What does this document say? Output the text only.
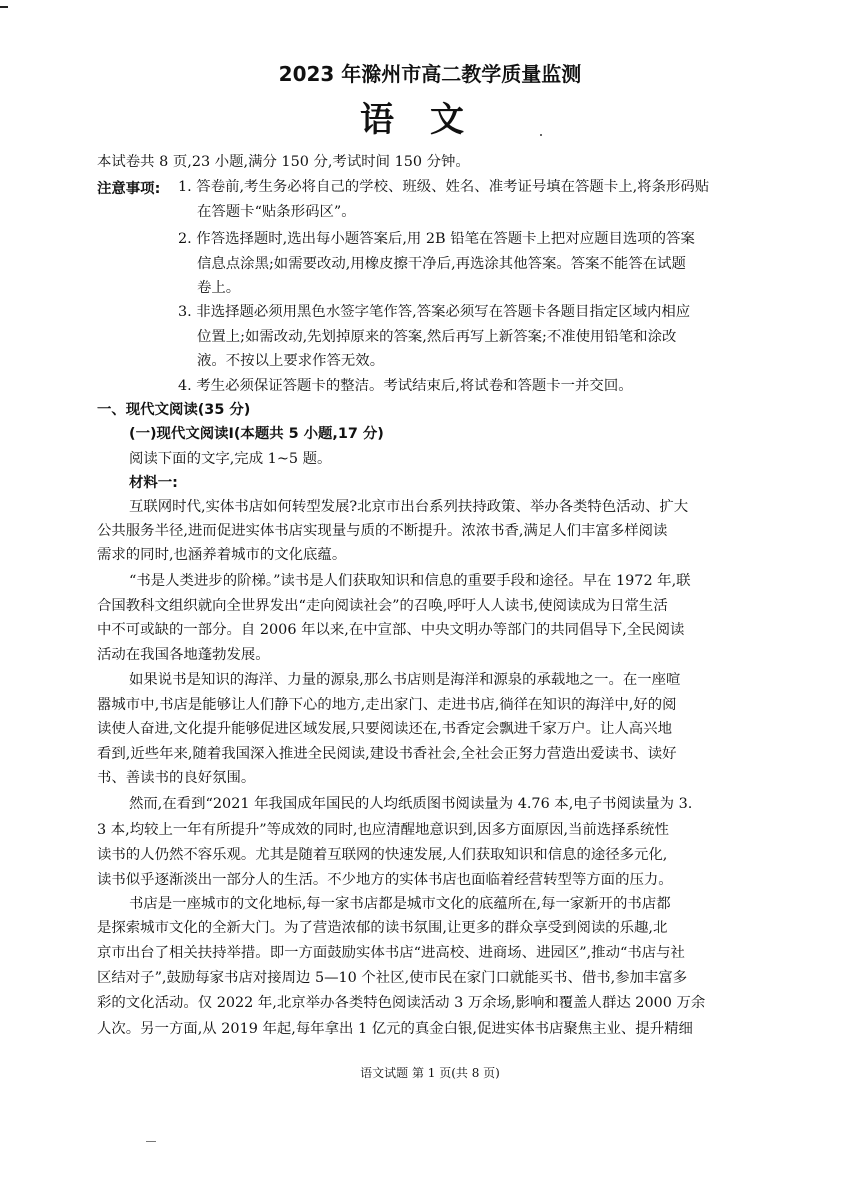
2023 年滁州市高二教学质量监测
语文
本试卷共 8 页,23 小题,满分 150 分,考试时间 150 分钟。
注意事项: 1. 答卷前,考生务必将自己的学校、班级、姓名、准考证号填在答题卡上,将条形码贴
在答题卡“贴条形码区”。
2. 作答选择题时,选出每小题答案后,用 2B 铅笔在答题卡上把对应题目选项的答案
信息点涂黑;如需要改动,用橡皮擦干净后,再选涂其他答案。答案不能答在试题
卷上。
3. 非选择题必须用黑色水签字笔作答,答案必须写在答题卡各题目指定区域内相应
位置上;如需改动,先划掉原来的答案,然后再写上新答案;不准使用铅笔和涂改
液。不按以上要求作答无效。
4. 考生必须保证答题卡的整洁。考试结束后,将试卷和答题卡一并交回。
一、现代文阅读(35 分)
(一)现代文阅读Ⅰ(本题共 5 小题,17 分)
阅读下面的文字,完成 1~5 题。
材料一:
互联网时代,实体书店如何转型发展?北京市出台系列扶持政策、举办各类特色活动、扩大
公共服务半径,进而促进实体书店实现量与质的不断提升。浓浓书香,满足人们丰富多样阅读
需求的同时,也涵养着城市的文化底蕴。
“书是人类进步的阶梯。”读书是人们获取知识和信息的重要手段和途径。早在 1972 年,联
合国教科文组织就向全世界发出“走向阅读社会”的召唤,呼吁人人读书,使阅读成为日常生活
中不可或缺的一部分。自 2006 年以来,在中宣部、中央文明办等部门的共同倡导下,全民阅读
活动在我国各地蓬勃发展。
如果说书是知识的海洋、力量的源泉,那么书店则是海洋和源泉的承载地之一。在一座喧
嚣城市中,书店是能够让人们静下心的地方,走出家门、走进书店,徜徉在知识的海洋中,好的阅
读使人奋进,文化提升能够促进区域发展,只要阅读还在,书香定会飘进千家万户。让人高兴地
看到,近些年来,随着我国深入推进全民阅读,建设书香社会,全社会正努力营造出爱读书、读好
书、善读书的良好氛围。
然而,在看到“2021 年我国成年国民的人均纸质图书阅读量为 4.76 本,电子书阅读量为 3.
3 本,均较上一年有所提升”等成效的同时,也应清醒地意识到,因多方面原因,当前选择系统性
读书的人仍然不容乐观。尤其是随着互联网的快速发展,人们获取知识和信息的途径多元化,
读书似乎逐渐淡出一部分人的生活。不少地方的实体书店也面临着经营转型等方面的压力。
书店是一座城市的文化地标,每一家书店都是城市文化的底蕴所在,每一家新开的书店都
是探索城市文化的全新大门。为了营造浓郁的读书氛围,让更多的群众享受到阅读的乐趣,北
京市出台了相关扶持举措。即一方面鼓励实体书店“进高校、进商场、进园区”,推动“书店与社
区结对子”,鼓励每家书店对接周边 5—10 个社区,使市民在家门口就能买书、借书,参加丰富多
彩的文化活动。仅 2022 年,北京举办各类特色阅读活动 3 万余场,影响和覆盖人群达 2000 万余
人次。另一方面,从 2019 年起,每年拿出 1 亿元的真金白银,促进实体书店聚焦主业、提升精细
语文试题 第 1 页(共 8 页)
